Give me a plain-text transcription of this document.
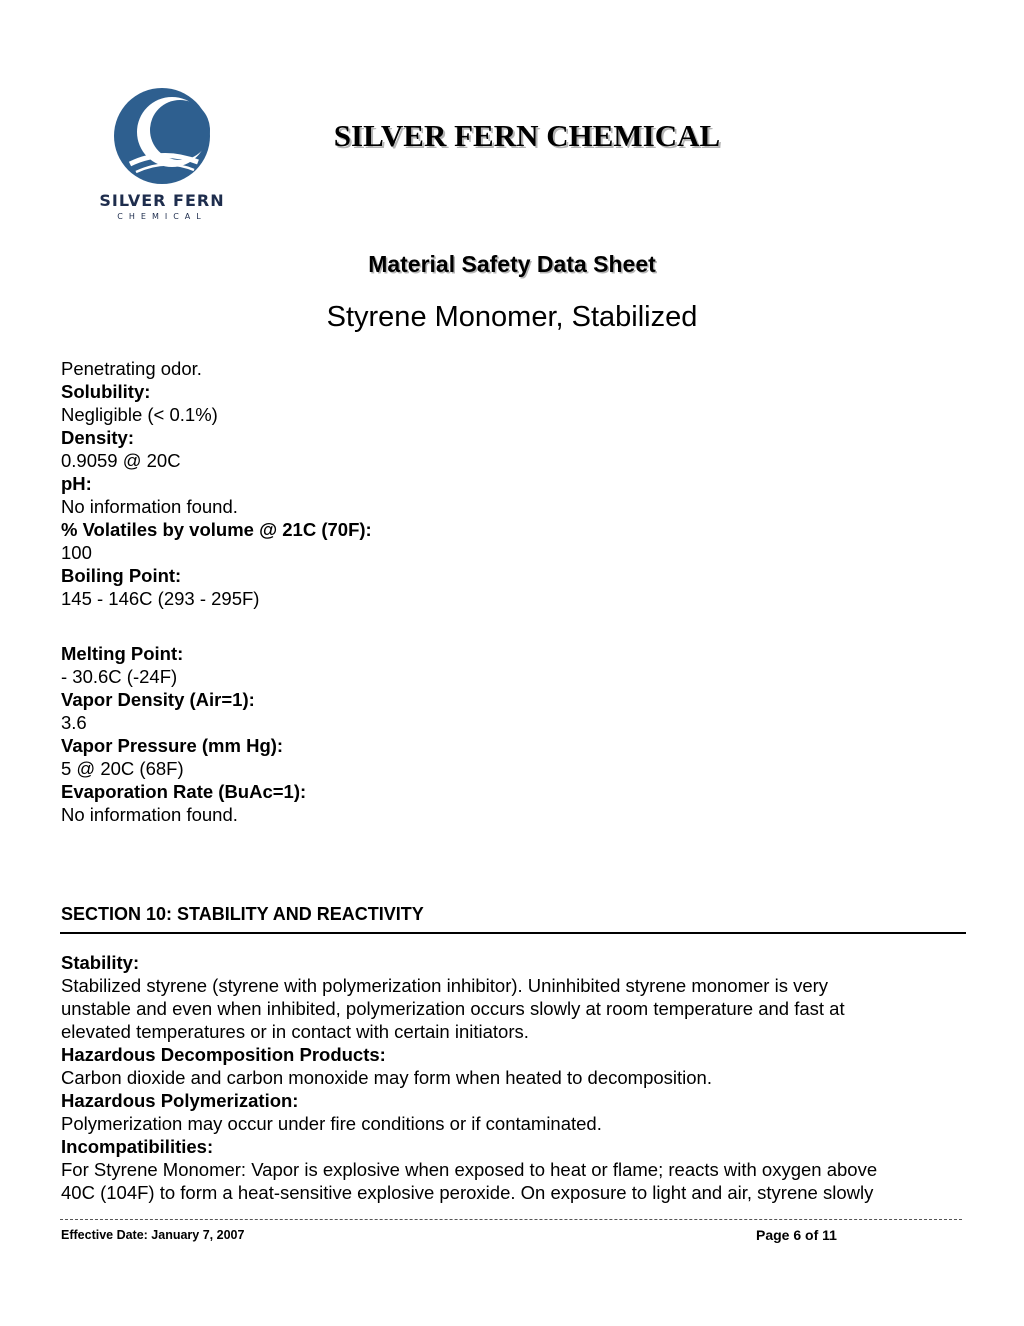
SILVER FERN
CHEMICAL
SILVER FERN CHEMICAL
Material Safety Data Sheet
Styrene Monomer, Stabilized
Penetrating odor.
Solubility:
Negligible (< 0.1%)
Density:
0.9059 @ 20C
pH:
No information found.
% Volatiles by volume @ 21C (70F):
100
Boiling Point:
145 - 146C (293 - 295F)
Melting Point:
- 30.6C (-24F)
Vapor Density (Air=1):
3.6
Vapor Pressure (mm Hg):
5 @ 20C (68F)
Evaporation Rate (BuAc=1):
No information found.
SECTION 10: STABILITY AND REACTIVITY
Stability:
Stabilized styrene (styrene with polymerization inhibitor). Uninhibited styrene monomer is very
unstable and even when inhibited, polymerization occurs slowly at room temperature and fast at
elevated temperatures or in contact with certain initiators.
Hazardous Decomposition Products:
Carbon dioxide and carbon monoxide may form when heated to decomposition.
Hazardous Polymerization:
Polymerization may occur under fire conditions or if contaminated.
Incompatibilities:
For Styrene Monomer: Vapor is explosive when exposed to heat or flame; reacts with oxygen above
40C (104F) to form a heat-sensitive explosive peroxide. On exposure to light and air, styrene slowly
Effective Date: January 7, 2007	Page 6 of 11
